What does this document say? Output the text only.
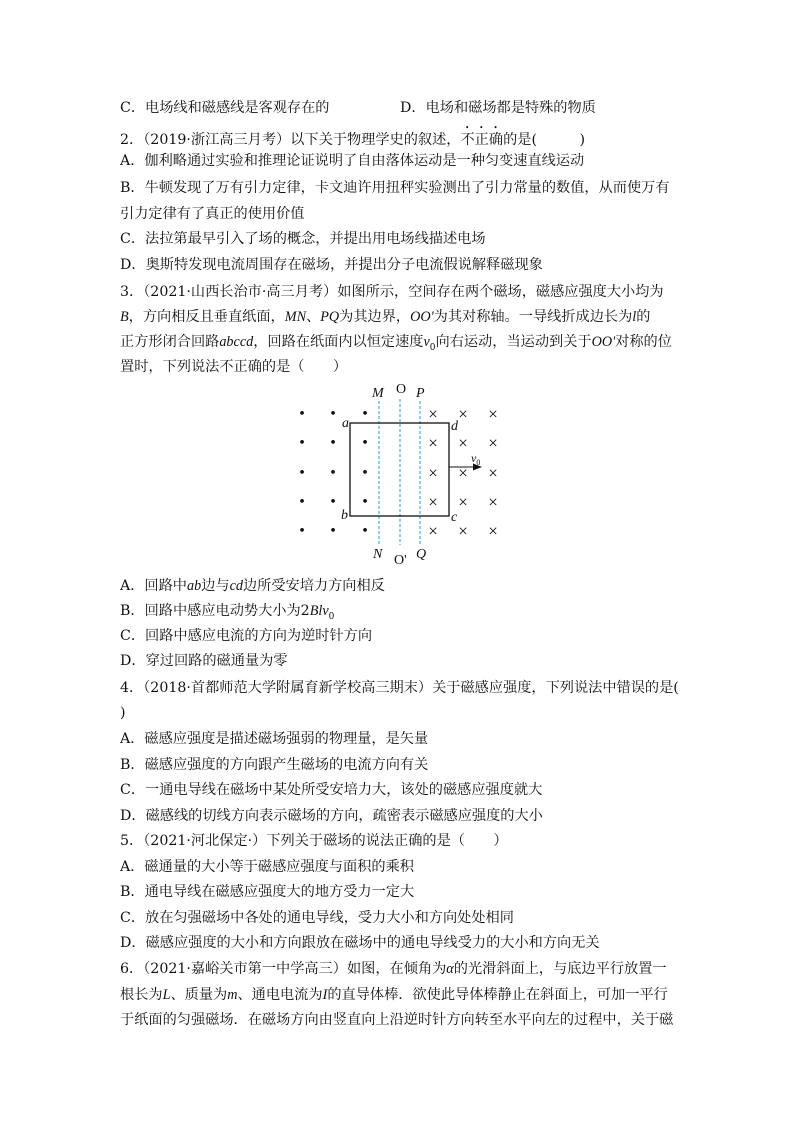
C．电场线和磁感线是客观存在的	D．电场和磁场都是特殊的物质
2．（2019·浙江高三月考）以下关于物理学史的叙述，不正确的是(　　　)
A．伽利略通过实验和推理论证说明了自由落体运动是一种匀变速直线运动
B．牛顿发现了万有引力定律，卡文迪许用扭秤实验测出了引力常量的数值，从而使万有
引力定律有了真正的使用价值
C．法拉第最早引入了场的概念，并提出用电场线描述电场
D．奥斯特发现电流周围存在磁场，并提出分子电流假说解释磁现象
3．（2021·山西长治市·高三月考）如图所示，空间存在两个磁场，磁感应强度大小均为
B，方向相反且垂直纸面，MN、PQ为其边界，OO'为其对称轴。一导线折成边长为l的
正方形闭合回路abccd，回路在纸面内以恒定速度$v_0$向右运动，当运动到关于OO'对称的位
置时，下列说法不正确的是（　　）
• • •
• • •
• • •
• • •
• • •
× × ×
× × ×
× × ×
× × ×
× × ×
M O P
N O' Q
a
b	c
d
$v_0$
A．回路中ab边与cd边所受安培力方向相反
B．回路中感应电动势大小为2Blv$_0$
C．回路中感应电流的方向为逆时针方向
D．穿过回路的磁通量为零
4．（2018·首都师范大学附属育新学校高三期末）关于磁感应强度，下列说法中错误的是(
)
A．磁感应强度是描述磁场强弱的物理量，是矢量
B．磁感应强度的方向跟产生磁场的电流方向有关
C．一通电导线在磁场中某处所受安培力大，该处的磁感应强度就大
D．磁感线的切线方向表示磁场的方向，疏密表示磁感应强度的大小
5．（2021·河北保定·）下列关于磁场的说法正确的是（　　）
A．磁通量的大小等于磁感应强度与面积的乘积
B．通电导线在磁感应强度大的地方受力一定大
C．放在匀强磁场中各处的通电导线，受力大小和方向处处相同
D．磁感应强度的大小和方向跟放在磁场中的通电导线受力的大小和方向无关
6．（2021·嘉峪关市第一中学高三）如图，在倾角为α的光滑斜面上，与底边平行放置一
根长为L、质量为m、通电电流为I的直导体棒．欲使此导体棒静止在斜面上，可加一平行
于纸面的匀强磁场．在磁场方向由竖直向上沿逆时针方向转至水平向左的过程中，关于磁
